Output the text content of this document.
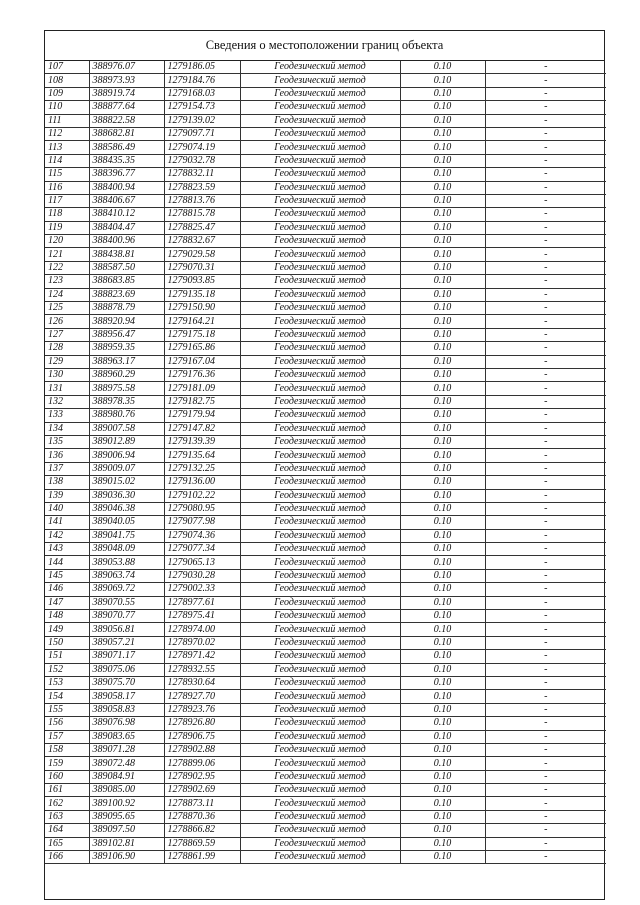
Сведения о местоположении границ объекта
107	388976.07	1279186.05	Геодезический метод	0.10	-
108	388973.93	1279184.76	Геодезический метод	0.10	-
109	388919.74	1279168.03	Геодезический метод	0.10	-
110	388877.64	1279154.73	Геодезический метод	0.10	-
111	388822.58	1279139.02	Геодезический метод	0.10	-
112	388682.81	1279097.71	Геодезический метод	0.10	-
113	388586.49	1279074.19	Геодезический метод	0.10	-
114	388435.35	1279032.78	Геодезический метод	0.10	-
115	388396.77	1278832.11	Геодезический метод	0.10	-
116	388400.94	1278823.59	Геодезический метод	0.10	-
117	388406.67	1278813.76	Геодезический метод	0.10	-
118	388410.12	1278815.78	Геодезический метод	0.10	-
119	388404.47	1278825.47	Геодезический метод	0.10	-
120	388400.96	1278832.67	Геодезический метод	0.10	-
121	388438.81	1279029.58	Геодезический метод	0.10	-
122	388587.50	1279070.31	Геодезический метод	0.10	-
123	388683.85	1279093.85	Геодезический метод	0.10	-
124	388823.69	1279135.18	Геодезический метод	0.10	-
125	388878.79	1279150.90	Геодезический метод	0.10	-
126	388920.94	1279164.21	Геодезический метод	0.10	-
127	388956.47	1279175.18	Геодезический метод	0.10	-
128	388959.35	1279165.86	Геодезический метод	0.10	-
129	388963.17	1279167.04	Геодезический метод	0.10	-
130	388960.29	1279176.36	Геодезический метод	0.10	-
131	388975.58	1279181.09	Геодезический метод	0.10	-
132	388978.35	1279182.75	Геодезический метод	0.10	-
133	388980.76	1279179.94	Геодезический метод	0.10	-
134	389007.58	1279147.82	Геодезический метод	0.10	-
135	389012.89	1279139.39	Геодезический метод	0.10	-
136	389006.94	1279135.64	Геодезический метод	0.10	-
137	389009.07	1279132.25	Геодезический метод	0.10	-
138	389015.02	1279136.00	Геодезический метод	0.10	-
139	389036.30	1279102.22	Геодезический метод	0.10	-
140	389046.38	1279080.95	Геодезический метод	0.10	-
141	389040.05	1279077.98	Геодезический метод	0.10	-
142	389041.75	1279074.36	Геодезический метод	0.10	-
143	389048.09	1279077.34	Геодезический метод	0.10	-
144	389053.88	1279065.13	Геодезический метод	0.10	-
145	389063.74	1279030.28	Геодезический метод	0.10	-
146	389069.72	1279002.33	Геодезический метод	0.10	-
147	389070.55	1278977.61	Геодезический метод	0.10	-
148	389070.77	1278975.41	Геодезический метод	0.10	-
149	389056.81	1278974.00	Геодезический метод	0.10	-
150	389057.21	1278970.02	Геодезический метод	0.10	-
151	389071.17	1278971.42	Геодезический метод	0.10	-
152	389075.06	1278932.55	Геодезический метод	0.10	-
153	389075.70	1278930.64	Геодезический метод	0.10	-
154	389058.17	1278927.70	Геодезический метод	0.10	-
155	389058.83	1278923.76	Геодезический метод	0.10	-
156	389076.98	1278926.80	Геодезический метод	0.10	-
157	389083.65	1278906.75	Геодезический метод	0.10	-
158	389071.28	1278902.88	Геодезический метод	0.10	-
159	389072.48	1278899.06	Геодезический метод	0.10	-
160	389084.91	1278902.95	Геодезический метод	0.10	-
161	389085.00	1278902.69	Геодезический метод	0.10	-
162	389100.92	1278873.11	Геодезический метод	0.10	-
163	389095.65	1278870.36	Геодезический метод	0.10	-
164	389097.50	1278866.82	Геодезический метод	0.10	-
165	389102.81	1278869.59	Геодезический метод	0.10	-
166	389106.90	1278861.99	Геодезический метод	0.10	-
